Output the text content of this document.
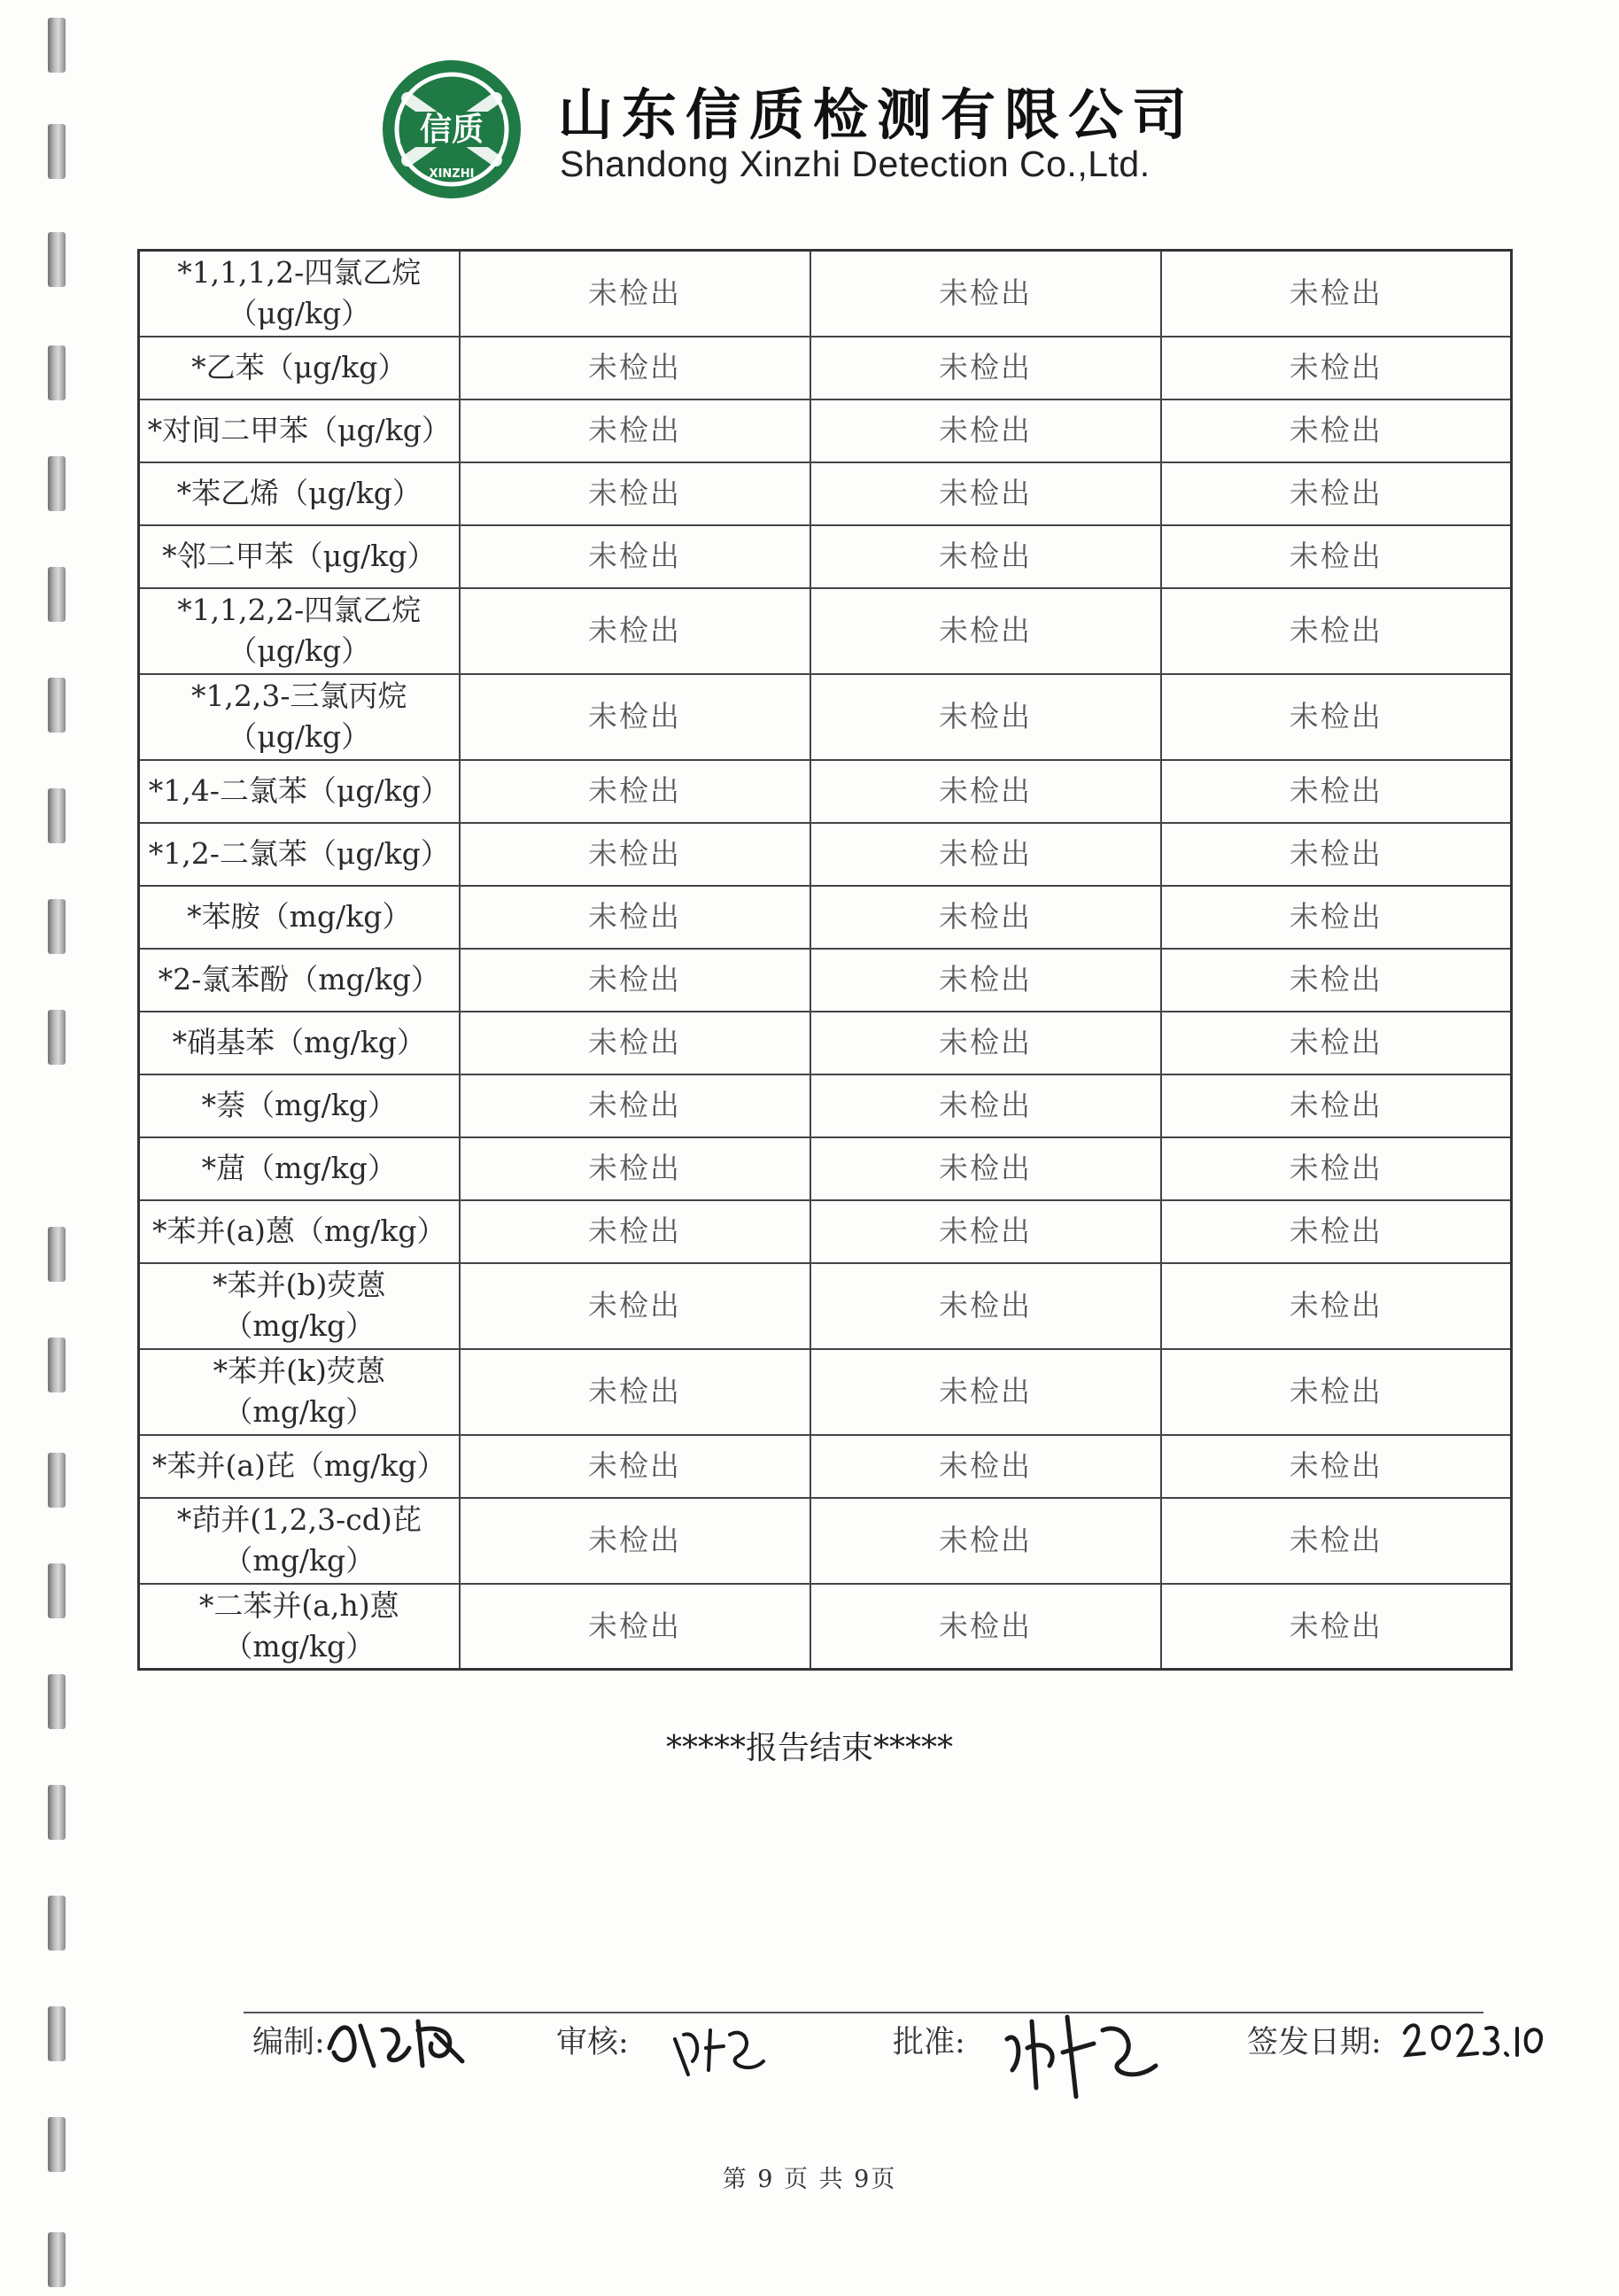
信质
XINZHI
山东信质检测有限公司
Shandong Xinzhi Detection Co.,Ltd.
*1,1,1,2-四氯乙烷
（μg/kg）	未检出	未检出	未检出

*乙苯（μg/kg）	未检出	未检出	未检出

*对间二甲苯（μg/kg）	未检出	未检出	未检出

*苯乙烯（μg/kg）	未检出	未检出	未检出

*邻二甲苯（μg/kg）	未检出	未检出	未检出

*1,1,2,2-四氯乙烷
（μg/kg）	未检出	未检出	未检出

*1,2,3-三氯丙烷
（μg/kg）	未检出	未检出	未检出

*1,4-二氯苯（μg/kg）	未检出	未检出	未检出

*1,2-二氯苯（μg/kg）	未检出	未检出	未检出

*苯胺（mg/kg）	未检出	未检出	未检出

*2-氯苯酚（mg/kg）	未检出	未检出	未检出

*硝基苯（mg/kg）	未检出	未检出	未检出

*萘（mg/kg）	未检出	未检出	未检出

*䓛（mg/kg）	未检出	未检出	未检出

*苯并(a)蒽（mg/kg）	未检出	未检出	未检出

*苯并(b)荧蒽
（mg/kg）	未检出	未检出	未检出

*苯并(k)荧蒽
（mg/kg）	未检出	未检出	未检出

*苯并(a)芘（mg/kg）	未检出	未检出	未检出

*茚并(1,2,3-cd)芘
（mg/kg）	未检出	未检出	未检出

*二苯并(a,h)蒽
（mg/kg）	未检出	未检出	未检出
*****报告结束*****
编制:	审核:	批准:	签发日期:
第 9 页 共 9页
